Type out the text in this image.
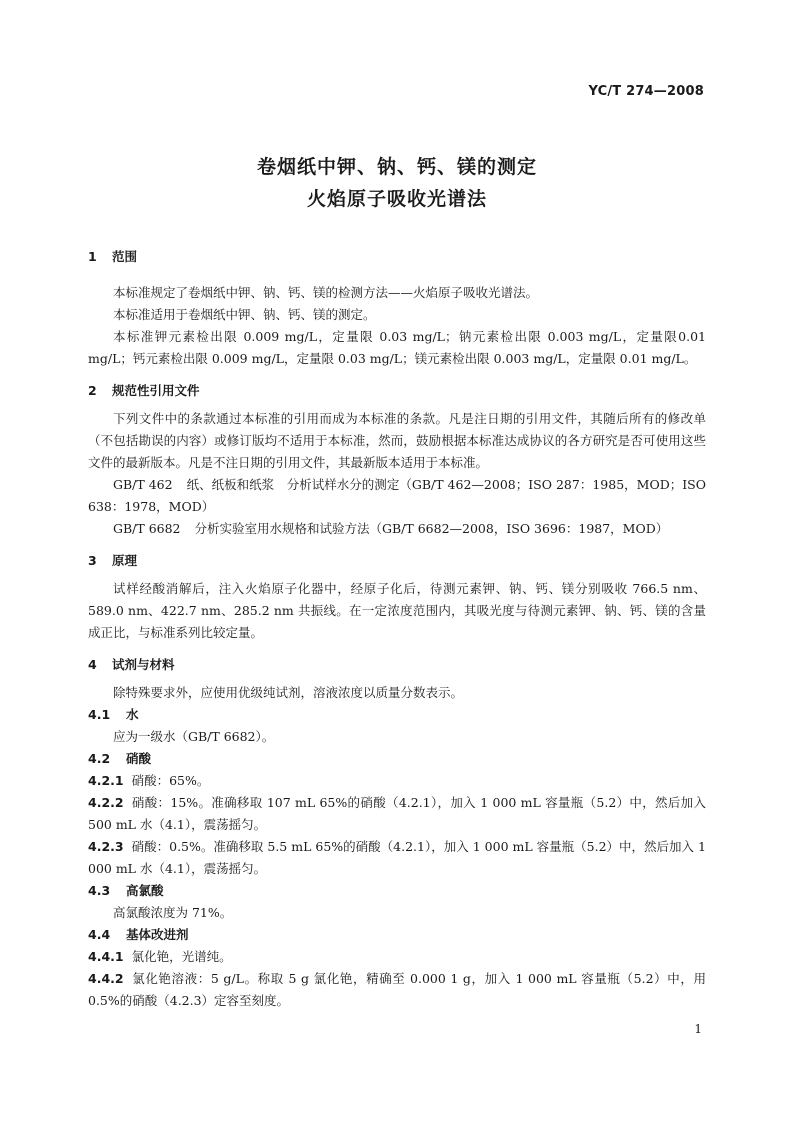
YC/T 274—2008
卷烟纸中钾、钠、钙、镁的测定
火焰原子吸收光谱法
1 范围

本标准规定了卷烟纸中钾、钠、钙、镁的检测方法——火焰原子吸收光谱法。

本标准适用于卷烟纸中钾、钠、钙、镁的测定。

本标准钾元素检出限 0.009 mg/L，定量限 0.03 mg/L；钠元素检出限 0.003 mg/L，定量限0.01 mg/L；钙元素检出限 0.009 mg/L，定量限 0.03 mg/L；镁元素检出限 0.003 mg/L，定量限 0.01 mg/L。

2 规范性引用文件

下列文件中的条款通过本标准的引用而成为本标准的条款。凡是注日期的引用文件，其随后所有的修改单（不包括勘误的内容）或修订版均不适用于本标准，然而，鼓励根据本标准达成协议的各方研究是否可使用这些文件的最新版本。凡是不注日期的引用文件，其最新版本适用于本标准。

GB/T 462 纸、纸板和纸浆　分析试样水分的测定（GB/T 462—2008；ISO 287：1985，MOD；ISO 638：1978，MOD）

GB/T 6682 分析实验室用水规格和试验方法（GB/T 6682—2008，ISO 3696：1987，MOD）

3 原理

试样经酸消解后，注入火焰原子化器中，经原子化后，待测元素钾、钠、钙、镁分别吸收 766.5 nm、589.0 nm、422.7 nm、285.2 nm 共振线。在一定浓度范围内，其吸光度与待测元素钾、钠、钙、镁的含量成正比，与标准系列比较定量。

4 试剂与材料

除特殊要求外，应使用优级纯试剂，溶液浓度以质量分数表示。

4.1 水

应为一级水（GB/T 6682）。

4.2 硝酸

4.2.1 硝酸：65%。

4.2.2 硝酸：15%。准确移取 107 mL 65%的硝酸（4.2.1），加入 1 000 mL 容量瓶（5.2）中，然后加入 500 mL 水（4.1），震荡摇匀。

4.2.3 硝酸：0.5%。准确移取 5.5 mL 65%的硝酸（4.2.1），加入 1 000 mL 容量瓶（5.2）中，然后加入 1 000 mL 水（4.1），震荡摇匀。

4.3 高氯酸

高氯酸浓度为 71%。

4.4 基体改进剂

4.4.1 氯化铯，光谱纯。

4.4.2 氯化铯溶液：5 g/L。称取 5 g 氯化铯，精确至 0.000 1 g，加入 1 000 mL 容量瓶（5.2）中，用 0.5%的硝酸（4.2.3）定容至刻度。

1
